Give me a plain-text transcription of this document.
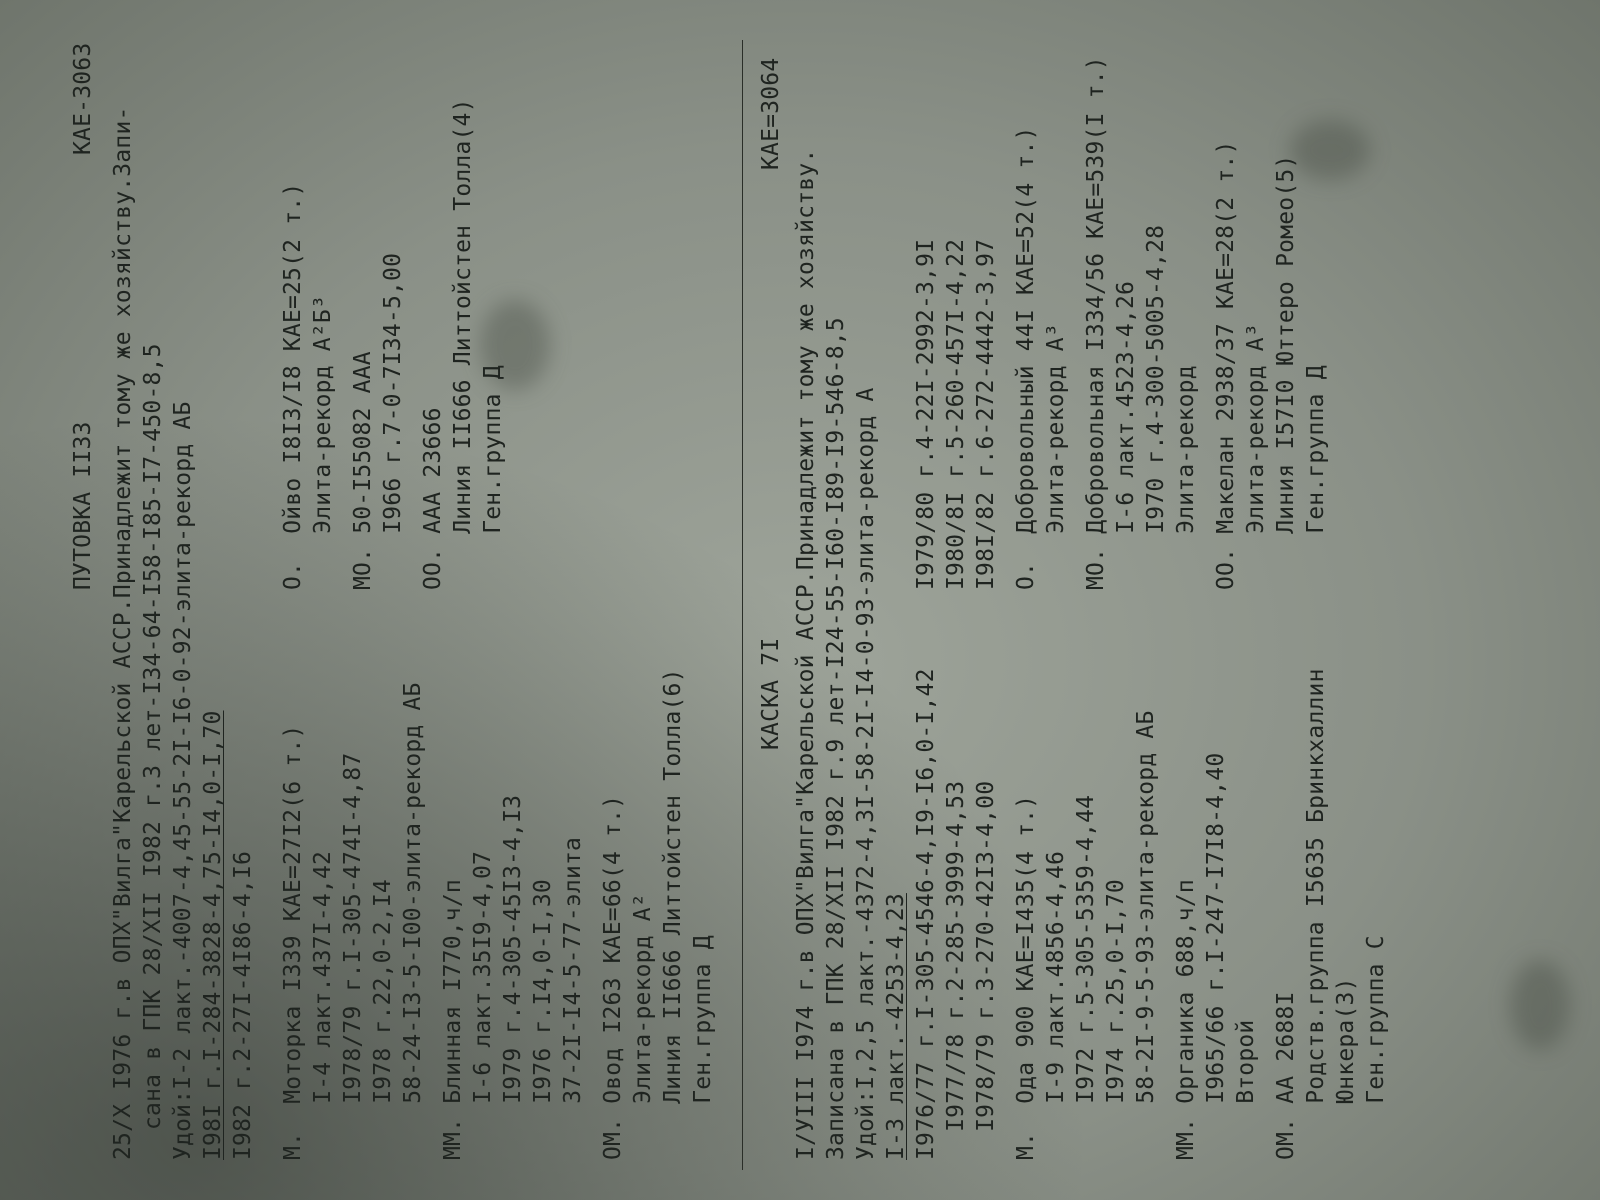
ПУТОВКА II33
КАЕ-3063
25/X I976 г.в ОПХ"Вилга"Карельской АССР.Принадлежит тому же хозяйству.Запи- сана в ГПК 28/XII I982 г.3 лет-I34-64-I58-I85-I7-450-8,5 Удой:I-2 лакт.-4007-4,45-55-2I-I6-0-92-элита-рекорд АБ I98I г.I-284-3828-4,75-I4,0-I,70 I982 г.2-27I-4I86-4,I6 М.  Моторка I339 КАЕ=27I2(6 т.) I-4 лакт.437I-4,42 I978/79 г.I-305-474I-4,87 I978 г.22,0-2,I4 58-24-I3-5-I00-элита-рекорд АБ ММ. Блинная I770,ч/п I-6 лакт.35I9-4,07 I979 г.4-305-45I3-4,I3 I976 г.I4,0-I,30 37-2I-I4-5-77-элита ОМ. Овод I263 КАЕ=66(4 т.) Элита-рекорд А² Линия II666 Литтойстен Толла(6) Ген.группа Д
О.  Ойво I8I3/I8 КАЕ=25(2 т.) Элита-рекорд А²Б³ МО. 50-I55082 ААА I966 г.7-0-7I34-5,00 ОО. ААА 23666 Линия II666 Литтойстен Толла(4) Ген.группа Д
КАСКА 7I
КАЕ=3064
I/УIII I974 г.в ОПХ"Вилга"Карельской АССР.Принадлежит тому же хозяйству. Записана в ГПК 28/XII I982 г.9 лет-I24-55-I60-I89-I9-546-8,5 Удой:I,2,5 лакт.-4372-4,3I-58-2I-I4-0-93-элита-рекорд А I-3 лакт.-4253-4,23 I976/77 г.I-305-4546-4,I9-I6,0-I,42 I977/78 г.2-285-3999-4,53 I978/79 г.3-270-42I3-4,00 М.  Ода 900 КАЕ=I435(4 т.) I-9 лакт.4856-4,46 I972 г.5-305-5359-4,44 I974 г.25,0-I,70 58-2I-9-5-93-элита-рекорд АБ ММ. Органика 688,ч/п I965/66 г.I-247-I7I8-4,40 Второй ОМ. АА 2688I Родств.группа I5635 Бринкхаллин Юнкера(3) Ген.группа С
I979/80 г.4-22I-2992-3,9I I980/8I г.5-260-457I-4,22 I98I/82 г.6-272-4442-3,97 О.  Добровольный 44I КАЕ=52(4 т.) Элита-рекорд А³ МО. Добровольная I334/56 КАЕ=539(I т.) I-6 лакт.4523-4,26 I970 г.4-300-5005-4,28 Элита-рекорд ОО. Макелан 2938/37 КАЕ=28(2 т.) Элита-рекорд А³ Линия I57I0 Юттеро Ромео(5) Ген.группа Д
